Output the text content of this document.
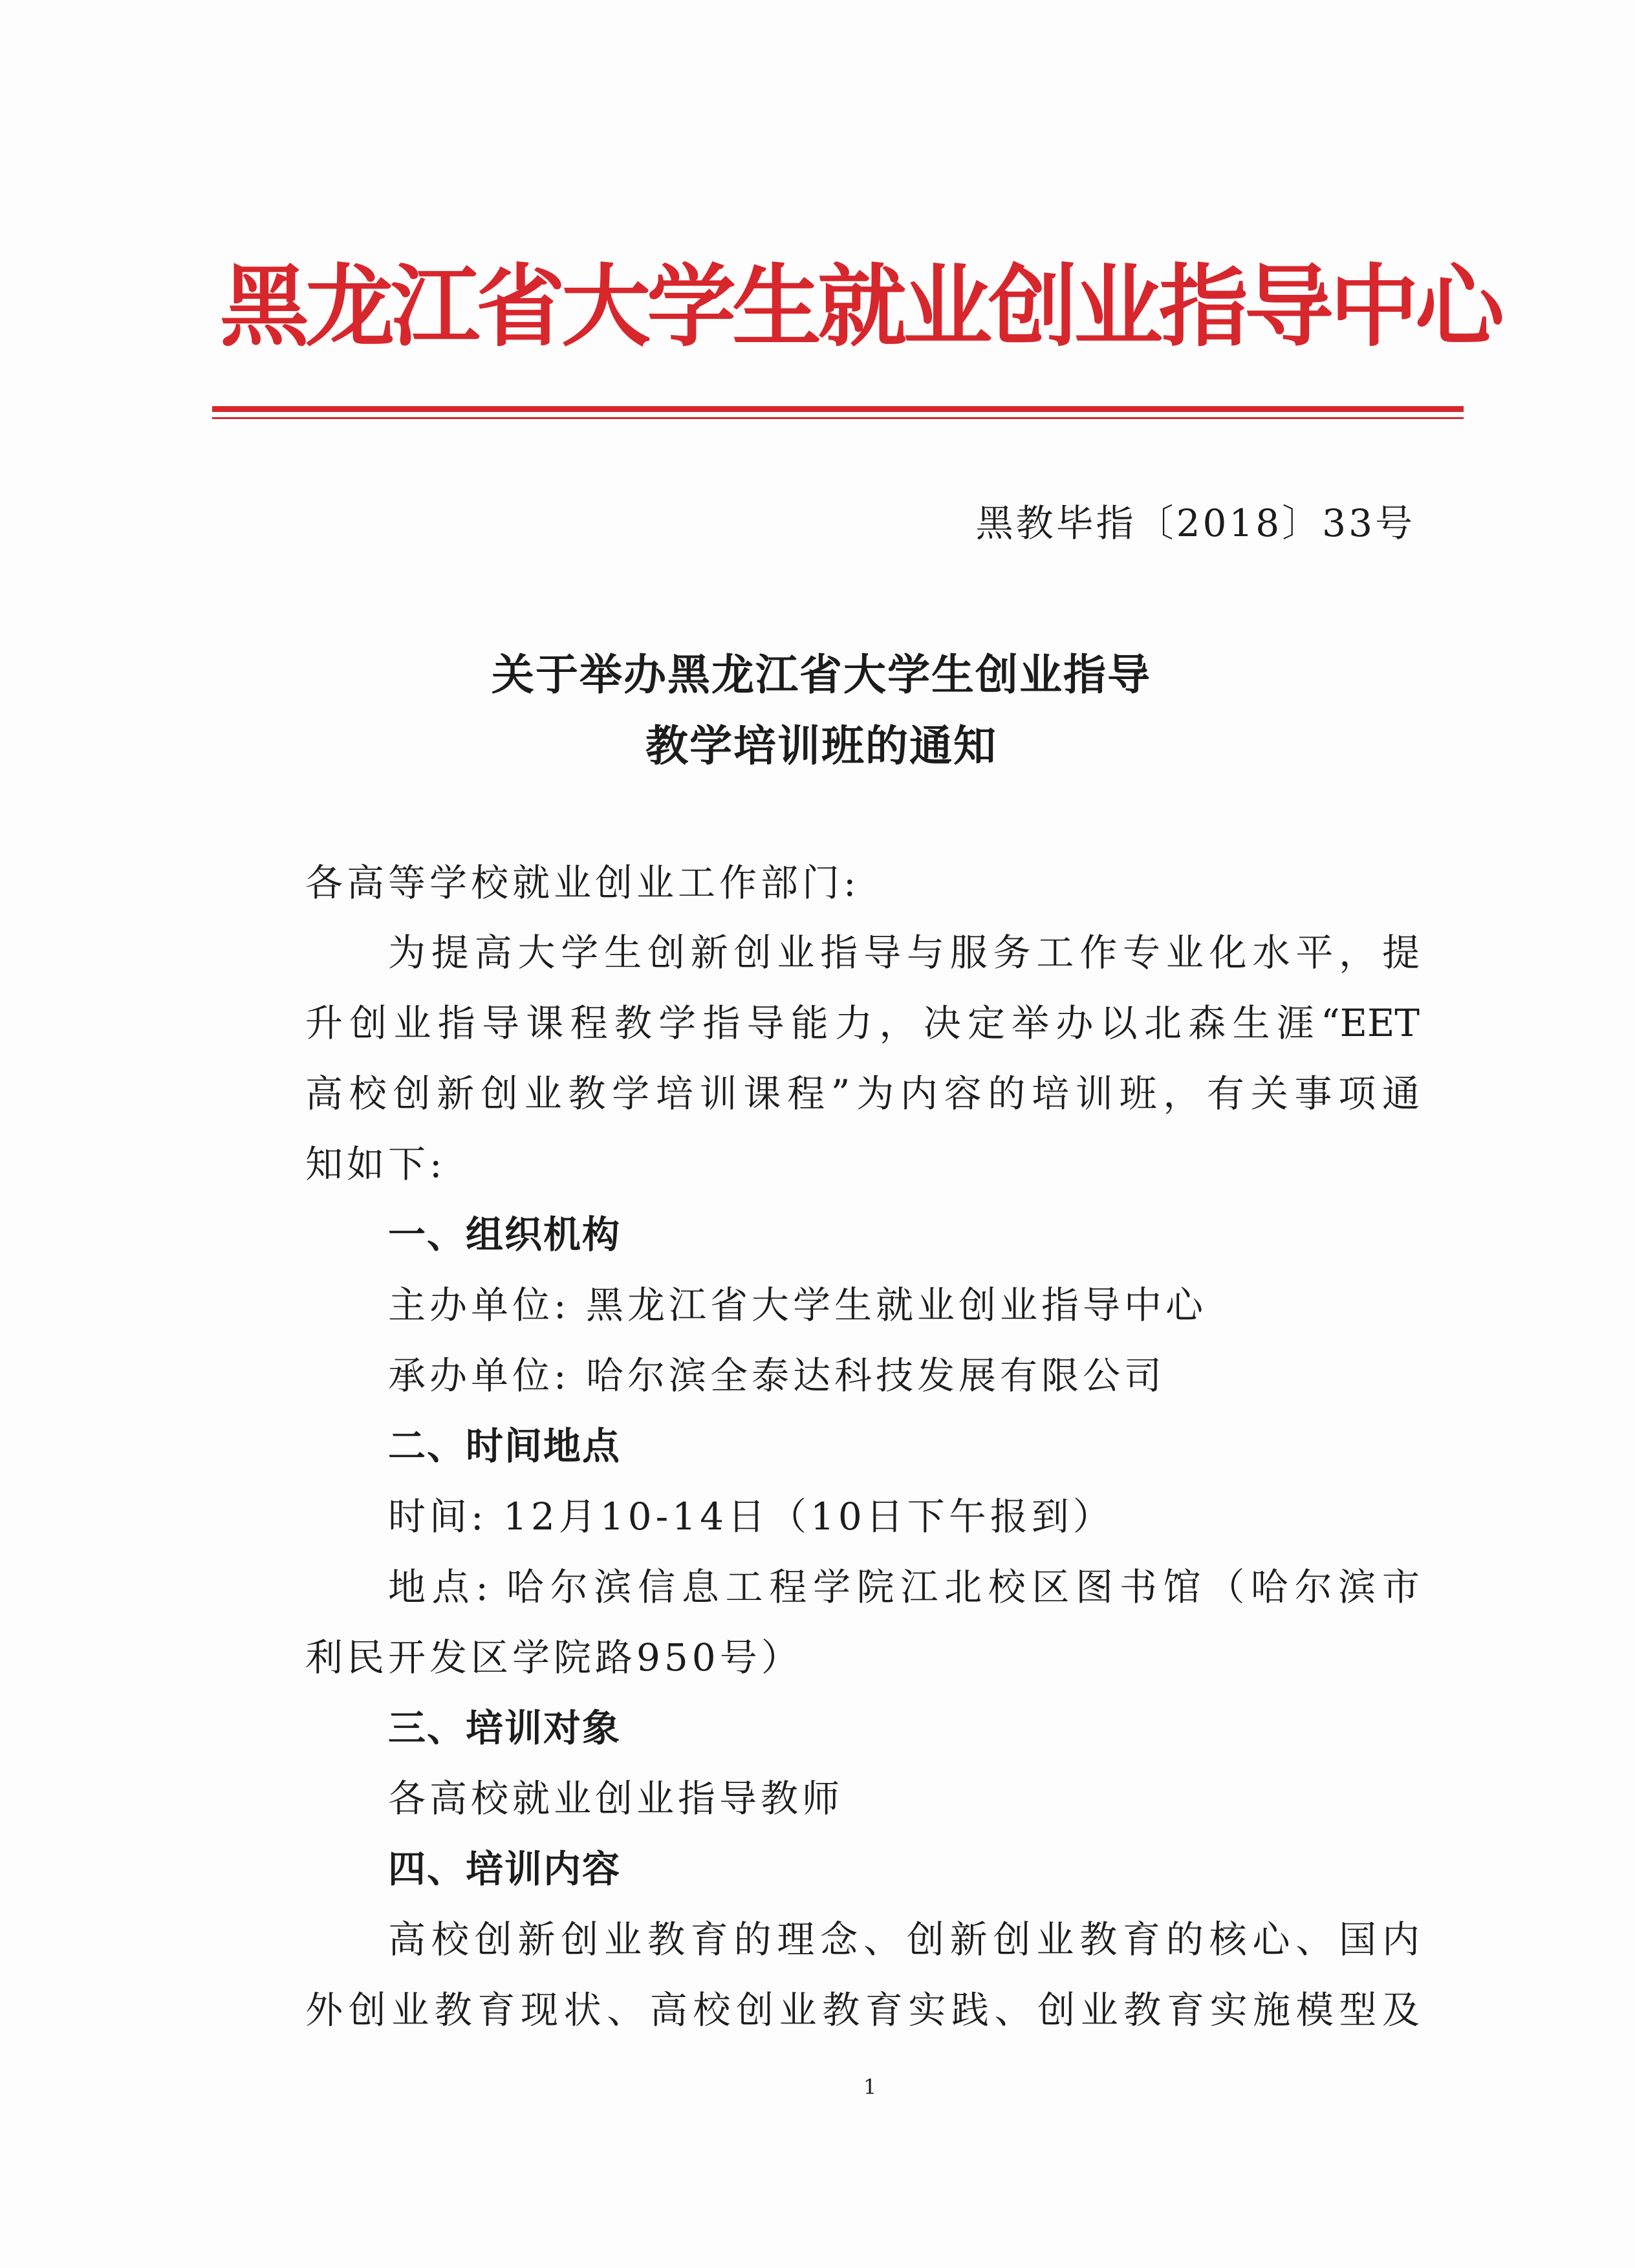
黑龙江省大学生就业创业指导中心
黑教毕指〔2018〕33号
关于举办黑龙江省大学生创业指导
教学培训班的通知
各高等学校就业创业工作部门:
为提高大学生创新创业指导与服务工作专业化水平，提
升创业指导课程教学指导能力，决定举办以北森生涯“EET
高校创新创业教学培训课程”为内容的培训班，有关事项通
知如下:
一、组织机构
主办单位: 黑龙江省大学生就业创业指导中心
承办单位: 哈尔滨全泰达科技发展有限公司
二、时间地点
时间: 12月10-14日（10日下午报到）
地点: 哈尔滨信息工程学院江北校区图书馆（哈尔滨市
利民开发区学院路950号）
三、培训对象
各高校就业创业指导教师
四、培训内容
高校创新创业教育的理念、创新创业教育的核心、国内
外创业教育现状、高校创业教育实践、创业教育实施模型及
1
